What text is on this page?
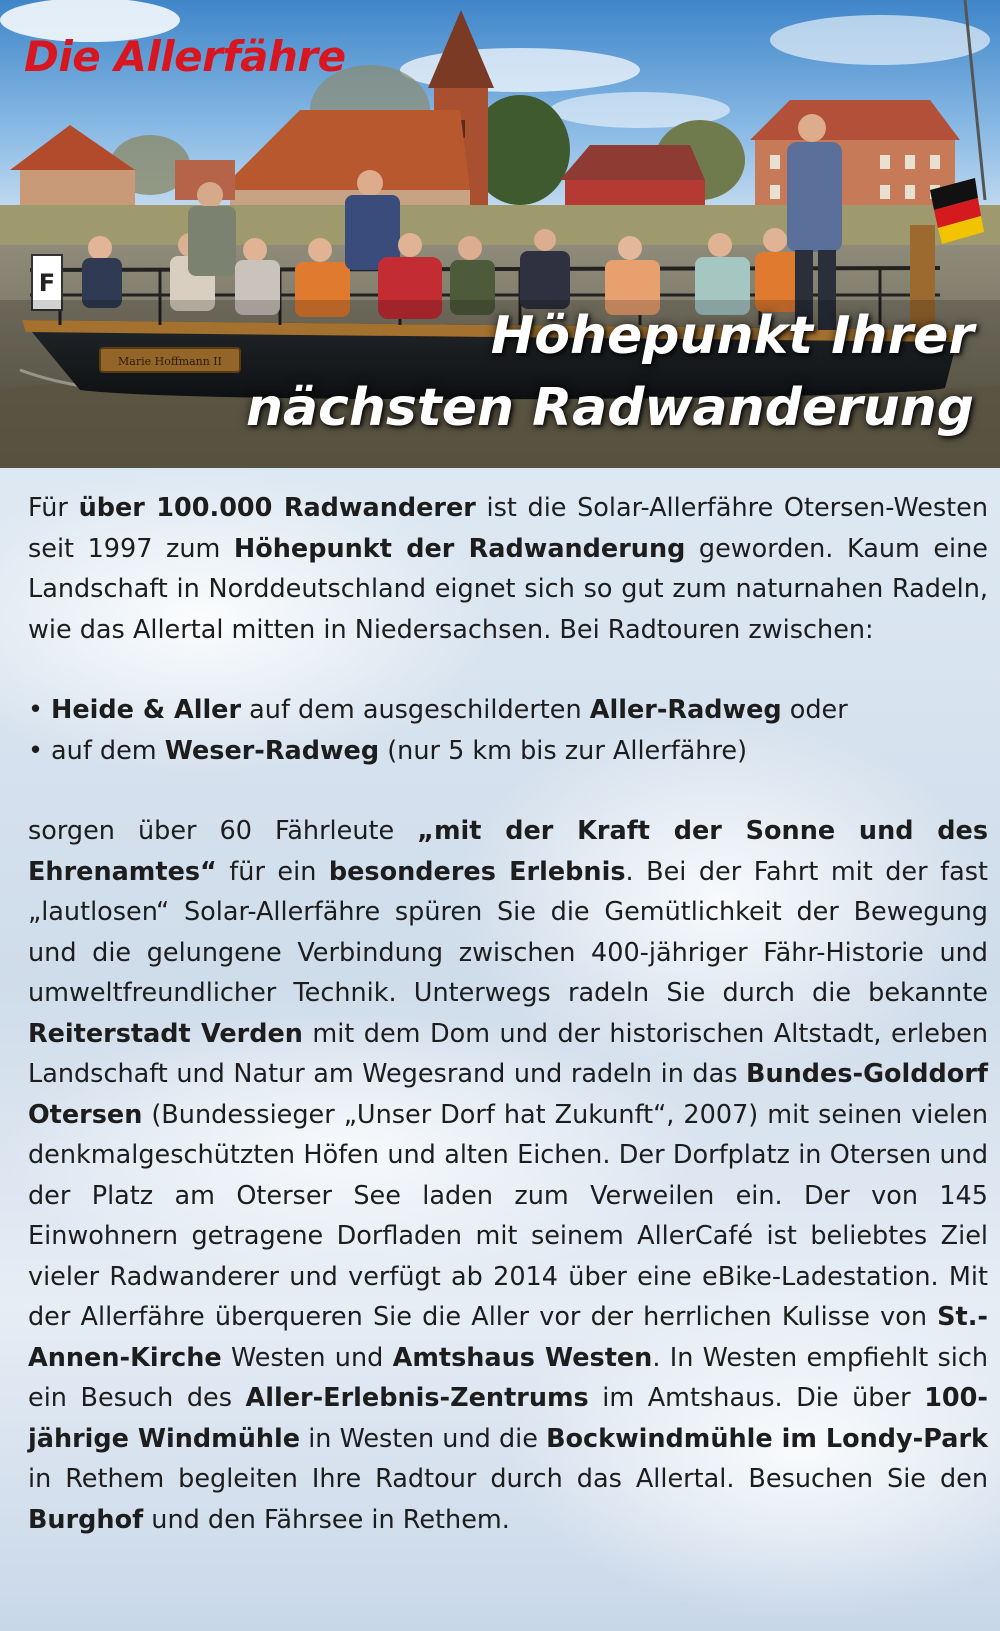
Marie Hoffmann II
F
Die Allerfähre
Höhepunkt Ihrer
nächsten Radwanderung

Für über 100.000 Radwanderer ist die Solar-Allerfähre Otersen-Westen seit 1997 zum Höhepunkt der Radwanderung geworden. Kaum eine Landschaft in Norddeutschland eignet sich so gut zum naturnahen Radeln, wie das Allertal mitten in Niedersachsen. Bei Radtouren zwischen:

• Heide & Aller auf dem ausgeschilderten Aller-Radweg oder
• auf dem Weser-Radweg (nur 5 km bis zur Allerfähre)

sorgen über 60 Fährleute „mit der Kraft der Sonne und des Ehrenamtes“ für ein besonderes Erlebnis. Bei der Fahrt mit der fast „lautlosen“ Solar-Allerfähre spüren Sie die Gemütlichkeit der Bewegung und die gelungene Verbindung zwischen 400-jähriger Fähr-Historie und umweltfreundlicher Technik. Unterwegs radeln Sie durch die bekannte Reiterstadt Verden mit dem Dom und der historischen Altstadt, erleben Landschaft und Natur am Wegesrand und radeln in das Bundes-Golddorf Otersen (Bundessieger „Unser Dorf hat Zukunft“, 2007) mit seinen vielen denkmalgeschützten Höfen und alten Eichen. Der Dorfplatz in Otersen und der Platz am Oterser See laden zum Verweilen ein. Der von 145 Einwohnern getragene Dorfladen mit seinem AllerCafé ist beliebtes Ziel vieler Radwanderer und verfügt ab 2014 über eine eBike-Ladestation. Mit der Allerfähre überqueren Sie die Aller vor der herrlichen Kulisse von St.-Annen-Kirche Westen und Amtshaus Westen. In Westen empfiehlt sich ein Besuch des Aller-Erlebnis-Zentrums im Amtshaus. Die über 100-jährige Windmühle in Westen und die Bockwindmühle im Londy-Park in Rethem begleiten Ihre Radtour durch das Allertal. Besuchen Sie den Burghof und den Fährsee in Rethem.
